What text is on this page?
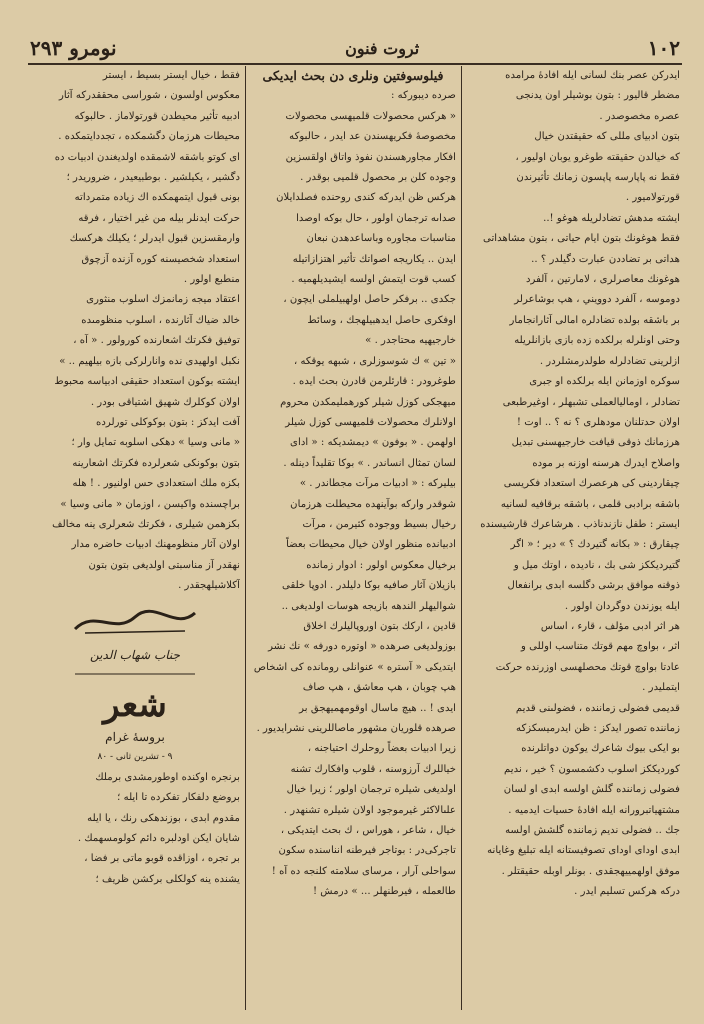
١٠٢
ثروت فنون
نومرو ٢٩٣

ايدركن عصر بنك لسانى ايله افادهٔ مرامده

مضطر قاليور : بتون بوشيلر اون يدنجى

عصره مخصوصدر .

بتون ادبياى مللى كه حقيقتدن خيال

كه خيالدن حقيقته طوغرو يوبان اوليور ،

فقط نه پاپارسه پاپسون زمانك تأثيرندن

قورتولاميور .

ايشته مدهش تضادلريله هوغو !..

فقط هوغونك بتون ايام حياتى ، بتون مشاهداتى

هداتى بر تضاددن عبارت دگيلدر ؟ ..

هوغونك معاصرلرى ، لامارتين ، آلفرد

دوموسه ، آلفرد دوويني ، هپ بوشاعرلر

بر باشقه بولده تضادلره امالى آثارانجامار

وحتى اونلرله برلكده زده بازى بازانلريله

ازلرينى تضادلرله طولدرمشلردر .

سوكره اوزمانن ايله برلكده او جبرى

تضادلر ، اوماليالعملى تشبهلر ، اوغيرطبعى

اولان حدتلنان مودهلرى ؟ نه ؟ .. اوت !

هرزمانك ذوقى قيافت خارجيهسنى تبديل

واصلاح ايدرك هرسنه اوزنه بر موده

چيقاردينى كى هرعصرك استعداد فكريسى

باشقه برادبى قلمى ، باشقه برقافيه لسانيه

ايستر : طفل نازندناذب . هرشاعرك قارشيسنده

چيقارق : « بكانه گتيردك ؟ » دير ؛ « اگر

گتيرديككز شى بك ، ناديده ، اوتك ميل و

ذوقنه موافق برشى دگلسه ابدى برانفعال

ايله يوزندن دوگردان اولور .

هر اثر ادبى مؤلف ، قارء ، اساس

اثر ، بواوچ مهم قوتك متناسب اوللى و

عادتا بواوچ قوتك محصلهسى اوزرنده حركت

ايتمليدر .

قديمى فضولى زماننده ، فضولىنى قديم

زماننده تصور ايدكز : ظن ايدرميسكزكه

بو ايكى بيوك شاعرك يوكون دواتلرنده

كورديككز اسلوب دكشمسون ؟ خير ، نديم

فضولى زماننده گلش اولسه ابدى او لسان

مشتهياتبرورانه ايله افادهٔ حسيات ايدميه .

جك .. فضولى نديم زماننده گلشش اولسه

ابدى اوداى اوداى تصوفيستانه ايله تبليغ وغايانه

موفق اولهمييهجقدى . بونلر اوبله حقيقتلر .

دركه هركس تسليم ايدر .

فيلوسوفتين ونلرى دن بحث ايديكى

صرده ديبوركه :

« هركس محصولات قلميهسى محصولات

مخصوصهٔ فكريهسندن عد ايدر ، حالبوكه

افكار مجاورهسندن نفوذ واتاق اولقسزين

وجوده كلن بر محصول قلميى بوقدر .

هركس ظن ايدركه كندى روحنده فصلدايلان

صداىه ترجمان اولور ، حال بوكه اوصدا

مناسبات مجاوره وباساعدهدن نبعان

ايدن .. يكاريجه اصواتك تأثير اهتزازاتيله

كسب قوت ايتمش اولسه ايشيديلهميه .

جكدى .. برفكر حاصل اولهبيلملى ايچون ،

اوفكرى حاصل ايدهبيلهجك ، وسائط

خارجيهيه محتاجدر . »

« تين » ك شوسوزلرى ، شبهه يوقكه ،

طوغرودر : قارئلرمن قادرن بحث ايده .

ميهجكى كوزل شيلر كورهمليمكدن محروم

اولانلرك محصولات قلميهسى كوزل شيلر

اولهمن . « بوفون » ديمشديكه : « اداى

لسان تمثال انساندر . » بوكا تقليداً دينله .

بيليركه : « ادبيات مرآت مجطاندر . »

شوقدر واركه بوآينهده محيطلت هرزمان

رخيال بسيط ووجوده كثيرمن ، مرآت

ادبيانده منظور اولان خيال محيطات بعضاً

برخيال معكوس اولور : ادوار زمانده

بازيلان آثار صافيه بوكا دليلدر . ادوپا خلقى

شواليهلر الندهه بازيجه هوسات اولديغى ..

قادين ، اركك بتون اوروپاليلرك اخلاق

بوزولديغى صرهده « اوتوره دورفه » نك نشر

ايتديكى « آستره » عنوانلى رومانده كى اشخاص

هپ چوبان ، هپ معاشق ، هپ صاف

ايدى ! .. هيچ ماسال اوقومهميهجق بر

صرهده قلوريان مشهور ماصاللرينى نشرايديور .

زيرا ادبيات بعضاً روحلرك احتياجنه ،

خياللرك آرزوسنه ، قلوب وافكارك تشنه

اولديغى شيلره ترجمان اولور ؛ زيرا خيال

علىالاكثر غيرموجود اولان شيلره تشنهدر .

خيال ، شاعر ، هوراس ، ك بحث ايتديكى ،

تاجركى‌در : بوتاجر فيرطنه انناسنده سكون

سواحلى آرار ، مرساى سلامته كلنجه ده آه !

طالعمله ، فيرطنهلر ... » درمش !

فقط ، خيال ايستر بسيط ، ايستر

معكوس اولسون ، شوراسى محققدركه آثار

ادبيه تأثير محيطدن قورتولاماز . حالبوكه

محيطات هرزمان دگشمكده ، تجددايتمكده .

اى كوتو باشقه لاشمقده اولديغندن ادبيات ده

دگشير ، يكيلشير . بوطبيعيدر ، ضروريدر ؛

بونى قبول ايتمهمكده اك زياده متمرداته

حركت ايدنلر بيله من غير اختيار ، فرقه

وارمقسزين قبول ايدرلر ؛ يكيلك هركسك

استعداد شخصيسنه كوره آزنده آزچوق

منطبع اولور .

اعتقاد ميجه زمانمزك اسلوب منثورى

خالد ضياك آثارنده ، اسلوب منظومىده

توفيق فكرتك اشعارنده كورولور . « آه ،

نكبل اولهيدى نده وانارلركى بازه بيلهيم .. »

ايشته بوكون استعداد حقيقى ادبياسه محبوط

اولان كوكلرك شهيق اشتياقى بودر .

آفت ايدكز : بتون بوكوكلى تورلرده

« مانى وسيا » دهكى اسلوبه تمايل وار ؛

بتون بوكونكى شعرلرده فكرتك اشعارينه

بكزه ملك استعدادى حس اولنيور . ! هله

براچسنده واكيسن ، اوزمان « مانى وسيا »

بكزهمن شيلرى ، فكرتك شعرلرى ينه مخالف

اولان آثار منظومهنك ادبيات حاضره مدار

نهقدر آز مناسبتى اولديغى بتون بتون

آكلاشيلهجقدر .

جناب شهاب الدين

شعر

بروسهٔ غرام

٩ - تشرين ثانى - ٨٠

برنجره اوكنده اوطورمشدى برملك

بروضع دلفكار تفكرده تا ايله ؛

مقدوم ابدى ، بوزندهكى رنك ، يا ايله

شايان ايكن اودلبره دائم كولومسهمك .

بر تجره ، اوزاقده قوبو ماتى بر فضا ،

يشنده ينه كولكلى بركشن ظريف ؛
